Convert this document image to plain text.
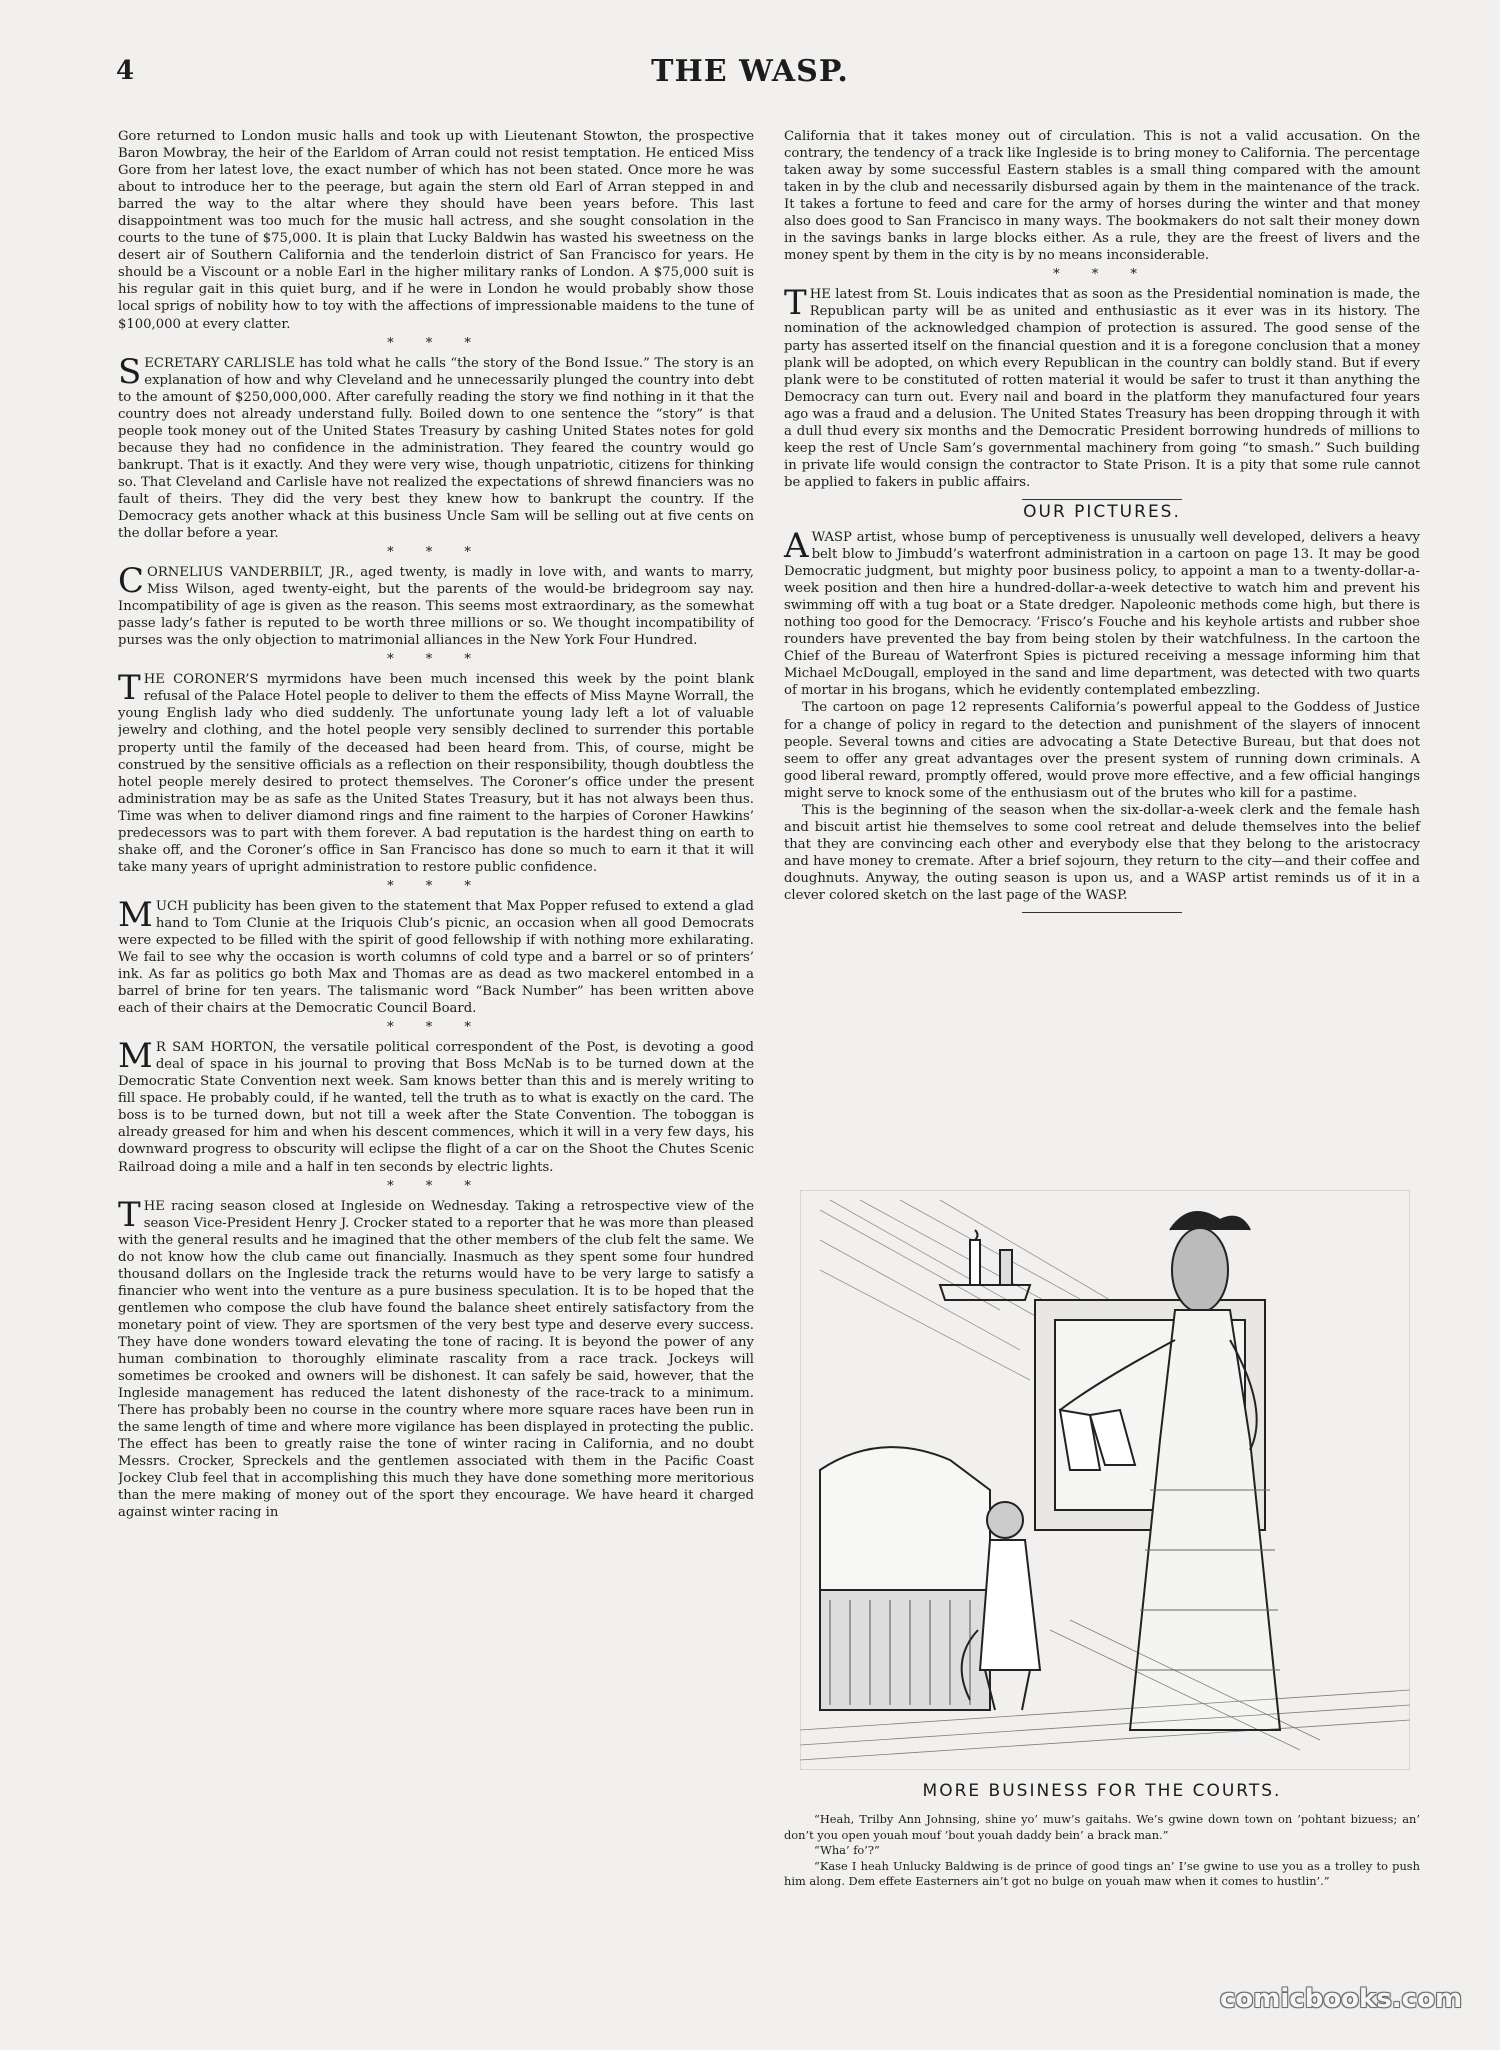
4	THE WASP.

Gore returned to London music halls and took up with Lieutenant Stowton, the prospective Baron Mowbray, the heir of the Earldom of Arran could not resist temptation. He enticed Miss Gore from her latest love, the exact number of which has not been stated. Once more he was about to introduce her to the peerage, but again the stern old Earl of Arran stepped in and barred the way to the altar where they should have been years before. This last disappointment was too much for the music hall actress, and she sought consolation in the courts to the tune of $75,000. It is plain that Lucky Baldwin has wasted his sweetness on the desert air of Southern California and the tenderloin district of San Francisco for years. He should be a Viscount or a noble Earl in the higher military ranks of London. A $75,000 suit is his regular gait in this quiet burg, and if he were in London he would probably show those local sprigs of nobility how to toy with the affections of impressionable maidens to the tune of $100,000 at every clatter.

* * *

SECRETARY CARLISLE has told what he calls “the story of the Bond Issue.” The story is an explanation of how and why Cleveland and he unnecessarily plunged the country into debt to the amount of $250,000,000. After carefully reading the story we find nothing in it that the country does not already understand fully. Boiled down to one sentence the “story” is that people took money out of the United States Treasury by cashing United States notes for gold because they had no confidence in the administration. They feared the country would go bankrupt. That is it exactly. And they were very wise, though unpatriotic, citizens for thinking so. That Cleveland and Carlisle have not realized the expectations of shrewd financiers was no fault of theirs. They did the very best they knew how to bankrupt the country. If the Democracy gets another whack at this business Uncle Sam will be selling out at five cents on the dollar before a year.

* * *

CORNELIUS VANDERBILT, JR., aged twenty, is madly in love with, and wants to marry, Miss Wilson, aged twenty-eight, but the parents of the would-be bridegroom say nay. Incompatibility of age is given as the reason. This seems most extraordinary, as the somewhat passe lady’s father is reputed to be worth three millions or so. We thought incompatibility of purses was the only objection to matrimonial alliances in the New York Four Hundred.

* * *

THE CORONER’S myrmidons have been much incensed this week by the point blank refusal of the Palace Hotel people to deliver to them the effects of Miss Mayne Worrall, the young English lady who died suddenly. The unfortunate young lady left a lot of valuable jewelry and clothing, and the hotel people very sensibly declined to surrender this portable property until the family of the deceased had been heard from. This, of course, might be construed by the sensitive officials as a reflection on their responsibility, though doubtless the hotel people merely desired to protect themselves. The Coroner’s office under the present administration may be as safe as the United States Treasury, but it has not always been thus. Time was when to deliver diamond rings and fine raiment to the harpies of Coroner Hawkins’ predecessors was to part with them forever. A bad reputation is the hardest thing on earth to shake off, and the Coroner’s office in San Francisco has done so much to earn it that it will take many years of upright administration to restore public confidence.

* * *

MUCH publicity has been given to the statement that Max Popper refused to extend a glad hand to Tom Clunie at the Iriquois Club’s picnic, an occasion when all good Democrats were expected to be filled with the spirit of good fellowship if with nothing more exhilarating. We fail to see why the occasion is worth columns of cold type and a barrel or so of printers’ ink. As far as politics go both Max and Thomas are as dead as two mackerel entombed in a barrel of brine for ten years. The talismanic word “Back Number” has been written above each of their chairs at the Democratic Council Board.

* * *

M R SAM HORTON, the versatile political correspondent of the Post, is devoting a good deal of space in his journal to proving that Boss McNab is to be turned down at the Democratic State Convention next week. Sam knows better than this and is merely writing to fill space. He probably could, if he wanted, tell the truth as to what is exactly on the card. The boss is to be turned down, but not till a week after the State Convention. The toboggan is already greased for him and when his descent commences, which it will in a very few days, his downward progress to obscurity will eclipse the flight of a car on the Shoot the Chutes Scenic Railroad doing a mile and a half in ten seconds by electric lights.

* * *

THE racing season closed at Ingleside on Wednesday. Taking a retrospective view of the season Vice-President Henry J. Crocker stated to a reporter that he was more than pleased with the general results and he imagined that the other members of the club felt the same. We do not know how the club came out financially. Inasmuch as they spent some four hundred thousand dollars on the Ingleside track the returns would have to be very large to satisfy a financier who went into the venture as a pure business speculation. It is to be hoped that the gentlemen who compose the club have found the balance sheet entirely satisfactory from the monetary point of view. They are sportsmen of the very best type and deserve every success. They have done wonders toward elevating the tone of racing. It is beyond the power of any human combination to thoroughly eliminate rascality from a race track. Jockeys will sometimes be crooked and owners will be dishonest. It can safely be said, however, that the Ingleside management has reduced the latent dishonesty of the race-track to a minimum. There has probably been no course in the country where more square races have been run in the same length of time and where more vigilance has been displayed in protecting the public. The effect has been to greatly raise the tone of winter racing in California, and no doubt Messrs. Crocker, Spreckels and the gentlemen associated with them in the Pacific Coast Jockey Club feel that in accomplishing this much they have done something more meritorious than the mere making of money out of the sport they encourage. We have heard it charged against winter racing in

California that it takes money out of circulation. This is not a valid accusation. On the contrary, the tendency of a track like Ingleside is to bring money to California. The percentage taken away by some successful Eastern stables is a small thing compared with the amount taken in by the club and necessarily disbursed again by them in the maintenance of the track. It takes a fortune to feed and care for the army of horses during the winter and that money also does good to San Francisco in many ways. The bookmakers do not salt their money down in the savings banks in large blocks either. As a rule, they are the freest of livers and the money spent by them in the city is by no means inconsiderable.

* * *

THE latest from St. Louis indicates that as soon as the Presidential nomination is made, the Republican party will be as united and enthusiastic as it ever was in its history. The nomination of the acknowledged champion of protection is assured. The good sense of the party has asserted itself on the financial question and it is a foregone conclusion that a money plank will be adopted, on which every Republican in the country can boldly stand. But if every plank were to be constituted of rotten material it would be safer to trust it than anything the Democracy can turn out. Every nail and board in the platform they manufactured four years ago was a fraud and a delusion. The United States Treasury has been dropping through it with a dull thud every six months and the Democratic President borrowing hundreds of millions to keep the rest of Uncle Sam’s governmental machinery from going “to smash.” Such building in private life would consign the contractor to State Prison. It is a pity that some rule cannot be applied to fakers in public affairs.

OUR PICTURES.

AWASP artist, whose bump of perceptiveness is unusually well developed, delivers a heavy belt blow to Jimbudd’s waterfront administration in a cartoon on page 13. It may be good Democratic judgment, but mighty poor business policy, to appoint a man to a twenty-dollar-a-week position and then hire a hundred-dollar-a-week detective to watch him and prevent his swimming off with a tug boat or a State dredger. Napoleonic methods come high, but there is nothing too good for the Democracy. ’Frisco’s Fouche and his keyhole artists and rubber shoe rounders have prevented the bay from being stolen by their watchfulness. In the cartoon the Chief of the Bureau of Waterfront Spies is pictured receiving a message informing him that Michael McDougall, employed in the sand and lime department, was detected with two quarts of mortar in his brogans, which he evidently contemplated embezzling.

The cartoon on page 12 represents California’s powerful appeal to the Goddess of Justice for a change of policy in regard to the detection and punishment of the slayers of innocent people. Several towns and cities are advocating a State Detective Bureau, but that does not seem to offer any great advantages over the present system of running down criminals. A good liberal reward, promptly offered, would prove more effective, and a few official hangings might serve to knock some of the enthusiasm out of the brutes who kill for a pastime.

This is the beginning of the season when the six-dollar-a-week clerk and the female hash and biscuit artist hie themselves to some cool retreat and delude themselves into the belief that they are convincing each other and everybody else that they belong to the aristocracy and have money to cremate. After a brief sojourn, they return to the city—and their coffee and doughnuts. Anyway, the outing season is upon us, and a WASP artist reminds us of it in a clever colored sketch on the last page of the WASP.

MORE BUSINESS FOR THE COURTS.

“Heah, Trilby Ann Johnsing, shine yo’ muw’s gaitahs. We’s gwine down town on ’pohtant bizuess; an’ don’t you open youah mouf ’bout youah daddy bein’ a brack man.”

“Wha’ fo’?”

“Kase I heah Unlucky Baldwing is de prince of good tings an’ I’se gwine to use you as a trolley to push him along. Dem effete Easterners ain’t got no bulge on youah maw when it comes to hustlin’.”

comicbooks.com
